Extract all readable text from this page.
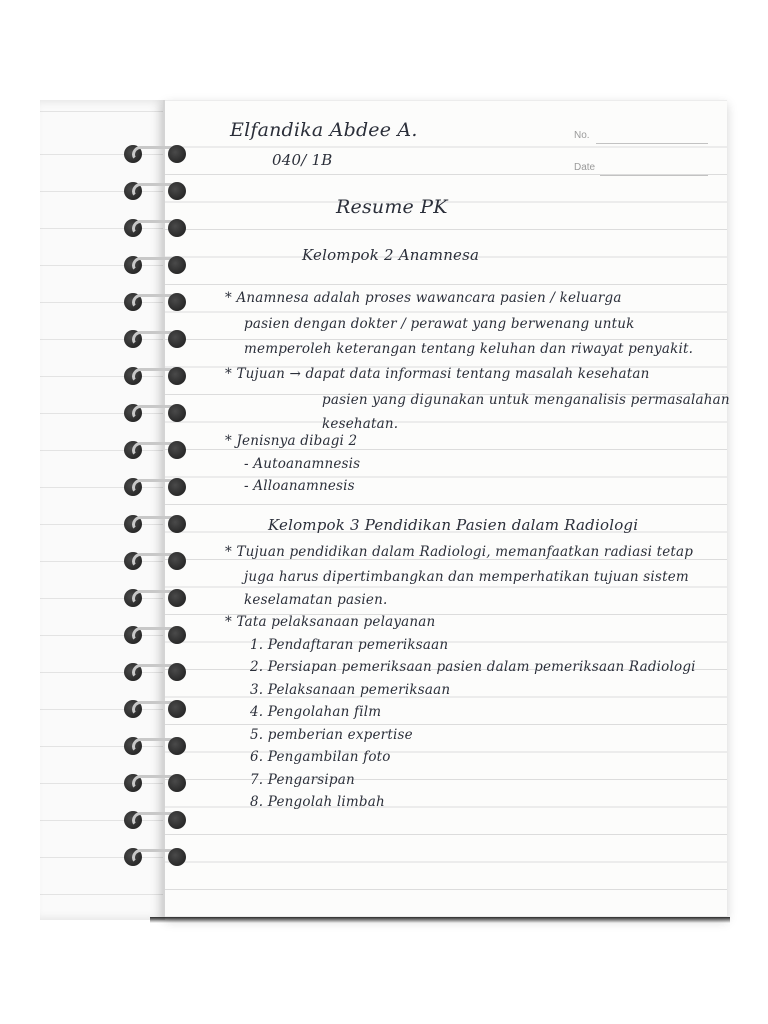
No.
Date
Elfandika Abdee A.
040/ 1B
Resume PK
Kelompok 2 Anamnesa
* Anamnesa adalah proses wawancara pasien / keluarga
pasien dengan dokter / perawat yang berwenang untuk
memperoleh keterangan tentang keluhan dan riwayat penyakit.
* Tujuan → dapat data informasi tentang masalah kesehatan
pasien yang digunakan untuk menganalisis permasalahan
kesehatan.
* Jenisnya dibagi 2
- Autoanamnesis
- Alloanamnesis
Kelompok 3 Pendidikan Pasien dalam Radiologi
* Tujuan pendidikan dalam Radiologi, memanfaatkan radiasi tetap
juga harus dipertimbangkan dan memperhatikan tujuan sistem
keselamatan pasien.
* Tata pelaksanaan pelayanan
1. Pendaftaran pemeriksaan
2. Persiapan pemeriksaan pasien dalam pemeriksaan Radiologi
3. Pelaksanaan pemeriksaan
4. Pengolahan film
5. pemberian expertise
6. Pengambilan foto
7. Pengarsipan
8. Pengolah limbah
